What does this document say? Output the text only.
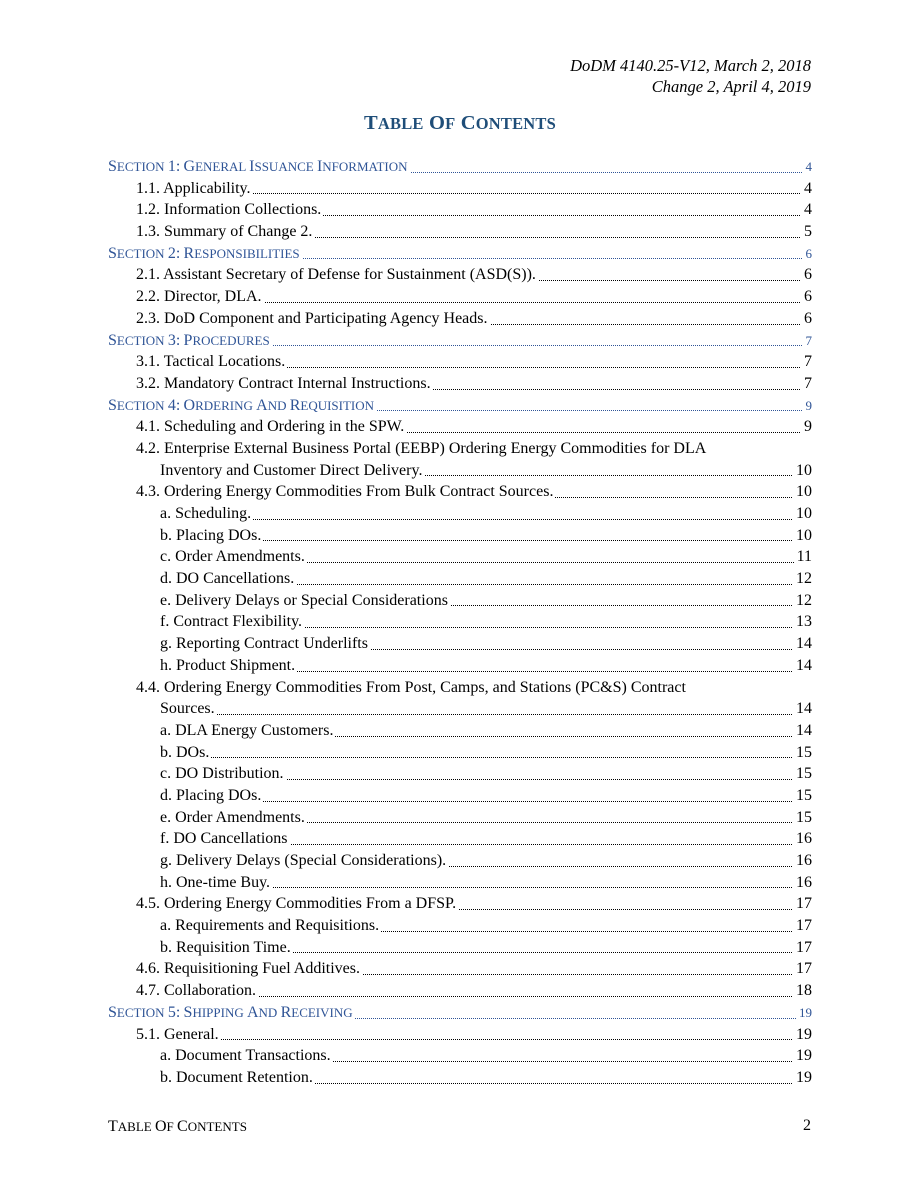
DoDM 4140.25-V12, March 2, 2018
Change 2, April 4, 2019
TABLE OF CONTENTS
SECTION 1: GENERAL ISSUANCE INFORMATION	4
1.1. Applicability.	4
1.2. Information Collections.	4
1.3. Summary of Change 2.	5
SECTION 2: RESPONSIBILITIES	6
2.1. Assistant Secretary of Defense for Sustainment (ASD(S)).	6
2.2. Director, DLA.	6
2.3. DoD Component and Participating Agency Heads.	6
SECTION 3: PROCEDURES	7
3.1. Tactical Locations.	7
3.2. Mandatory Contract Internal Instructions.	7
SECTION 4: ORDERING AND REQUISITION	9
4.1. Scheduling and Ordering in the SPW.	9
4.2. Enterprise External Business Portal (EEBP) Ordering Energy Commodities for DLA
Inventory and Customer Direct Delivery.	10
4.3. Ordering Energy Commodities From Bulk Contract Sources.	10
a. Scheduling.	10
b. Placing DOs.	10
c. Order Amendments.	11
d. DO Cancellations.	12
e. Delivery Delays or Special Considerations	12
f. Contract Flexibility.	13
g. Reporting Contract Underlifts	14
h. Product Shipment.	14
4.4. Ordering Energy Commodities From Post, Camps, and Stations (PC&S) Contract
Sources.	14
a. DLA Energy Customers.	14
b. DOs.	15
c. DO Distribution.	15
d. Placing DOs.	15
e. Order Amendments.	15
f. DO Cancellations	16
g. Delivery Delays (Special Considerations).	16
h. One-time Buy.	16
4.5. Ordering Energy Commodities From a DFSP.	17
a. Requirements and Requisitions.	17
b. Requisition Time.	17
4.6. Requisitioning Fuel Additives.	17
4.7. Collaboration.	18
SECTION 5: SHIPPING AND RECEIVING	19
5.1. General.	19
a. Document Transactions.	19
b. Document Retention.	19
TABLE OF CONTENTS	2
